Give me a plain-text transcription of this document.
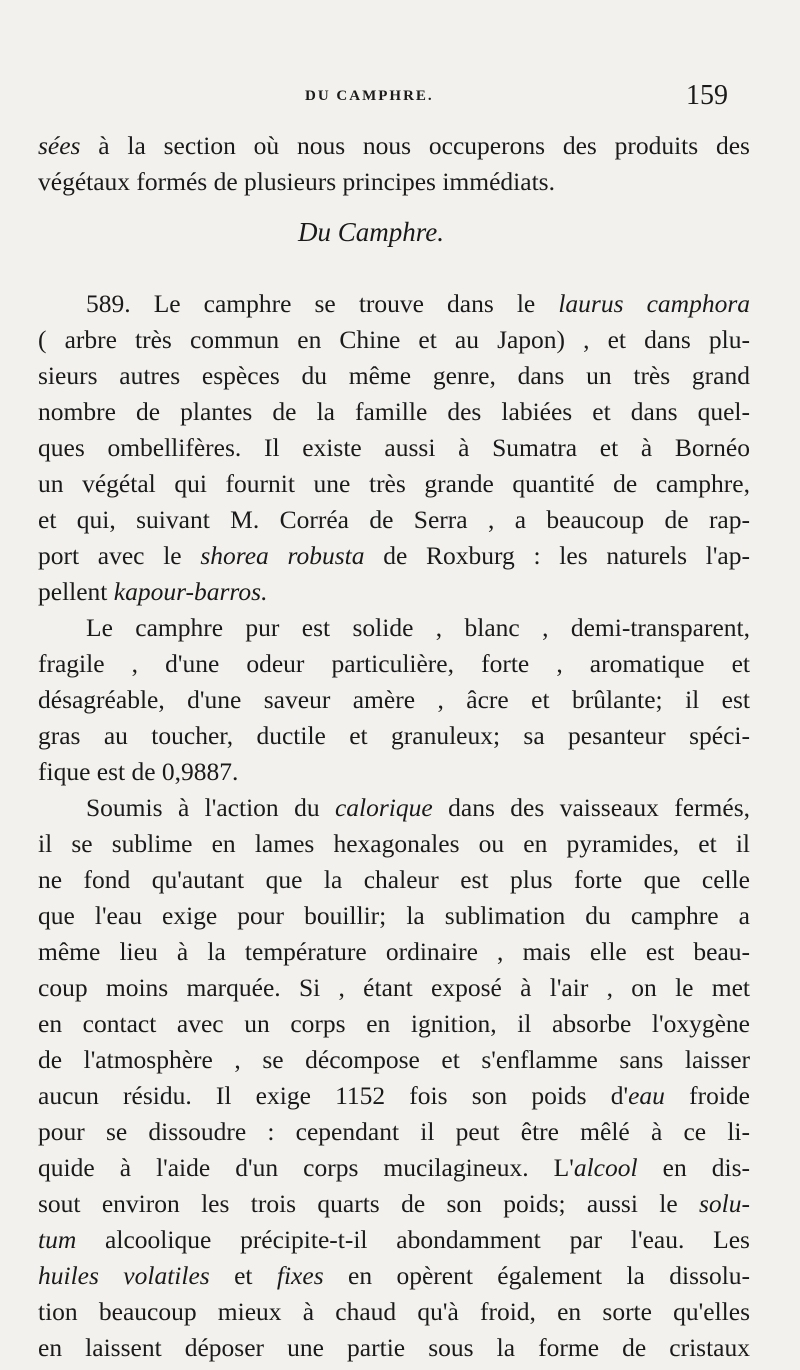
DU CAMPHRE.	159
sées à la section où nous nous occuperons des produits des
végétaux formés de plusieurs principes immédiats.
Du Camphre.
589. Le camphre se trouve dans le laurus camphora
( arbre très commun en Chine et au Japon) , et dans plu-
sieurs autres espèces du même genre, dans un très grand
nombre de plantes de la famille des labiées et dans quel-
ques ombellifères. Il existe aussi à Sumatra et à Bornéo
un végétal qui fournit une très grande quantité de camphre,
et qui, suivant M. Corréa de Serra , a beaucoup de rap-
port avec le shorea robusta de Roxburg : les naturels l'ap-
pellent kapour-barros.
Le camphre pur est solide , blanc , demi-transparent,
fragile , d'une odeur particulière, forte , aromatique et
désagréable, d'une saveur amère , âcre et brûlante; il est
gras au toucher, ductile et granuleux; sa pesanteur spéci-
fique est de 0,9887.
Soumis à l'action du calorique dans des vaisseaux fermés,
il se sublime en lames hexagonales ou en pyramides, et il
ne fond qu'autant que la chaleur est plus forte que celle
que l'eau exige pour bouillir; la sublimation du camphre a
même lieu à la température ordinaire , mais elle est beau-
coup moins marquée. Si , étant exposé à l'air , on le met
en contact avec un corps en ignition, il absorbe l'oxygène
de l'atmosphère , se décompose et s'enflamme sans laisser
aucun résidu. Il exige 1152 fois son poids d'eau froide
pour se dissoudre : cependant il peut être mêlé à ce li-
quide à l'aide d'un corps mucilagineux. L'alcool en dis-
sout environ les trois quarts de son poids; aussi le solu-
tum alcoolique précipite-t-il abondamment par l'eau. Les
huiles volatiles et fixes en opèrent également la dissolu-
tion beaucoup mieux à chaud qu'à froid, en sorte qu'elles
en laissent déposer une partie sous la forme de cristaux
